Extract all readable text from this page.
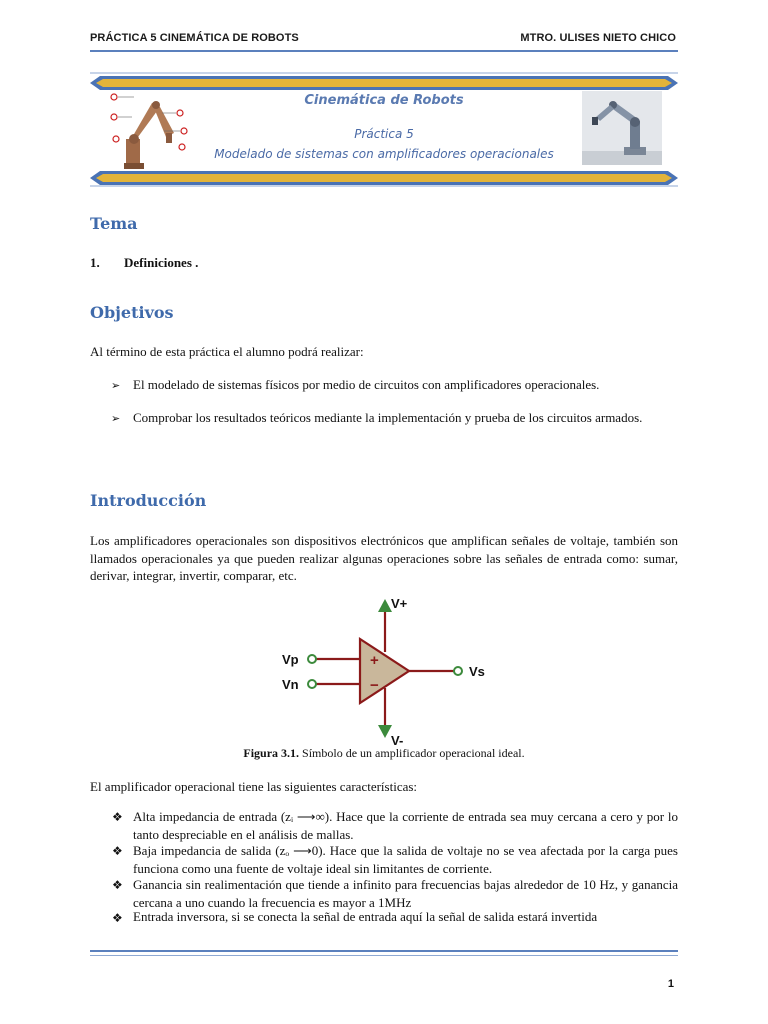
PRÁCTICA 5 CINEMÁTICA DE ROBOTS	MTRO. ULISES NIETO CHICO
Cinemática de Robots
Práctica 5
Modelado de sistemas con amplificadores operacionales
Tema
1. Definiciones .
Objetivos
Al término de esta práctica el alumno podrá realizar:
➢ El modelado de sistemas físicos por medio de circuitos con amplificadores operacionales.
➢ Comprobar los resultados teóricos mediante la implementación y prueba de los circuitos armados.
Introducción
Los amplificadores operacionales son dispositivos electrónicos que amplifican señales de voltaje, también son llamados operacionales ya que pueden realizar algunas operaciones sobre las señales de entrada como: sumar, derivar, integrar, invertir, comparar, etc.
+
−
V+
V-
Vp
Vn
Vs
Figura 3.1. Símbolo de un amplificador operacional ideal.
El amplificador operacional tiene las siguientes características:
❖ Alta impedancia de entrada (zᵢ ⟶∞). Hace que la corriente de entrada sea muy cercana a cero y por lo tanto despreciable en el análisis de mallas.
❖ Baja impedancia de salida (zₒ ⟶0). Hace que la salida de voltaje no se vea afectada por la carga pues funciona como una fuente de voltaje ideal sin limitantes de corriente.
❖ Ganancia sin realimentación que tiende a infinito para frecuencias bajas alrededor de 10 Hz, y ganancia cercana a uno cuando la frecuencia es mayor a 1MHz
❖ Entrada inversora, si se conecta la señal de entrada aquí la señal de salida estará invertida
1
